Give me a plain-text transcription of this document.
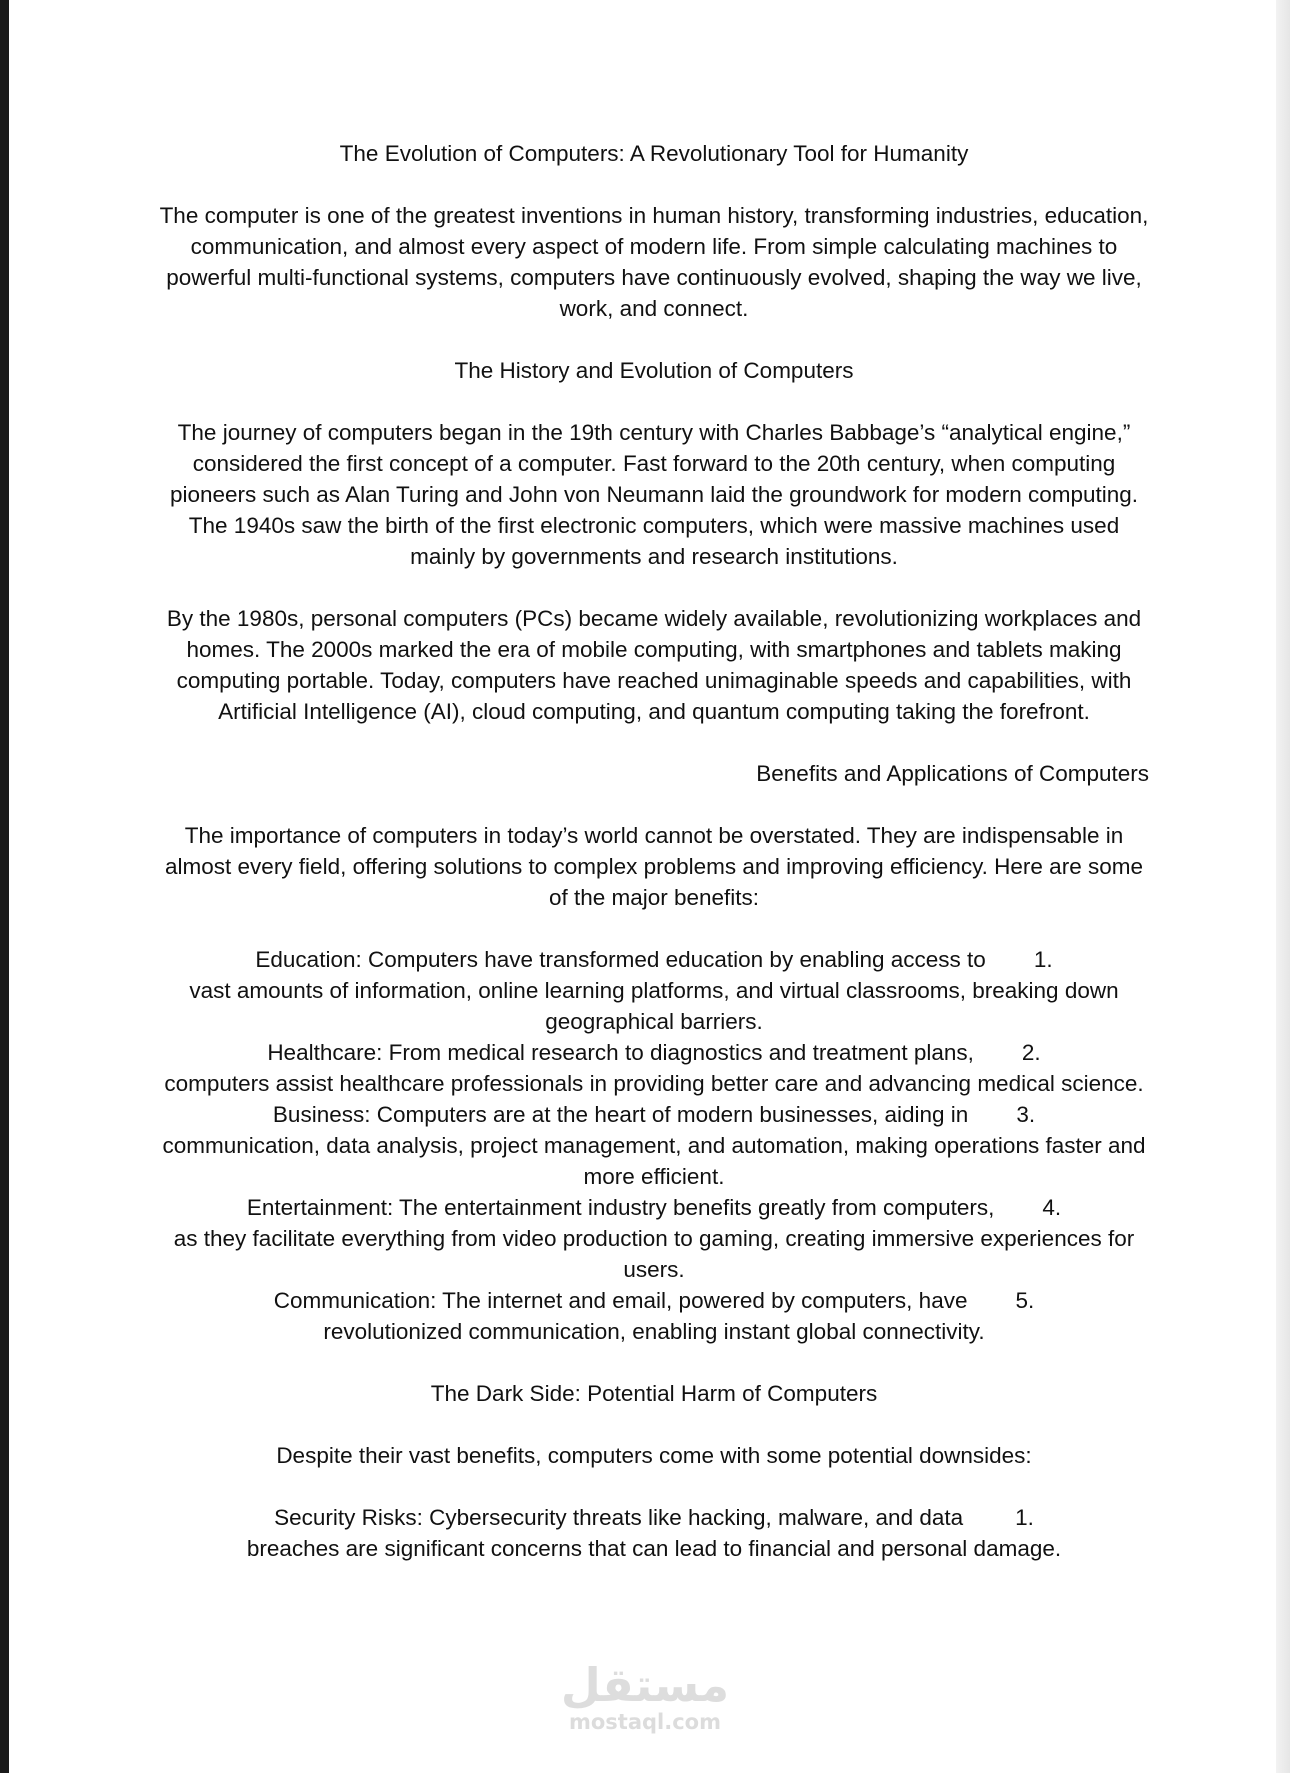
The Evolution of Computers: A Revolutionary Tool for Humanity

The computer is one of the greatest inventions in human history, transforming industries, education, communication, and almost every aspect of modern life. From simple calculating machines to powerful multi-functional systems, computers have continuously evolved, shaping the way we live, work, and connect.

The History and Evolution of Computers

The journey of computers began in the 19th century with Charles Babbage’s “analytical engine,” considered the first concept of a computer. Fast forward to the 20th century, when computing pioneers such as Alan Turing and John von Neumann laid the groundwork for modern computing. The 1940s saw the birth of the first electronic computers, which were massive machines used mainly by governments and research institutions.

By the 1980s, personal computers (PCs) became widely available, revolutionizing workplaces and homes. The 2000s marked the era of mobile computing, with smartphones and tablets making computing portable. Today, computers have reached unimaginable speeds and capabilities, with Artificial Intelligence (AI), cloud computing, and quantum computing taking the forefront.

Benefits and Applications of Computers

The importance of computers in today’s world cannot be overstated. They are indispensable in almost every field, offering solutions to complex problems and improving efficiency. Here are some of the major benefits:

Education: Computers have transformed education by enabling access to 1.
vast amounts of information, online learning platforms, and virtual classrooms, breaking down geographical barriers.
Healthcare: From medical research to diagnostics and treatment plans, 2.
computers assist healthcare professionals in providing better care and advancing medical science.
Business: Computers are at the heart of modern businesses, aiding in 3.
communication, data analysis, project management, and automation, making operations faster and more efficient.
Entertainment: The entertainment industry benefits greatly from computers, 4.
as they facilitate everything from video production to gaming, creating immersive experiences for users.
Communication: The internet and email, powered by computers, have 5.
revolutionized communication, enabling instant global connectivity.
The Dark Side: Potential Harm of Computers

Despite their vast benefits, computers come with some potential downsides:

Security Risks: Cybersecurity threats like hacking, malware, and data 1.
breaches are significant concerns that can lead to financial and personal damage.
مستقل
mostaql.com
